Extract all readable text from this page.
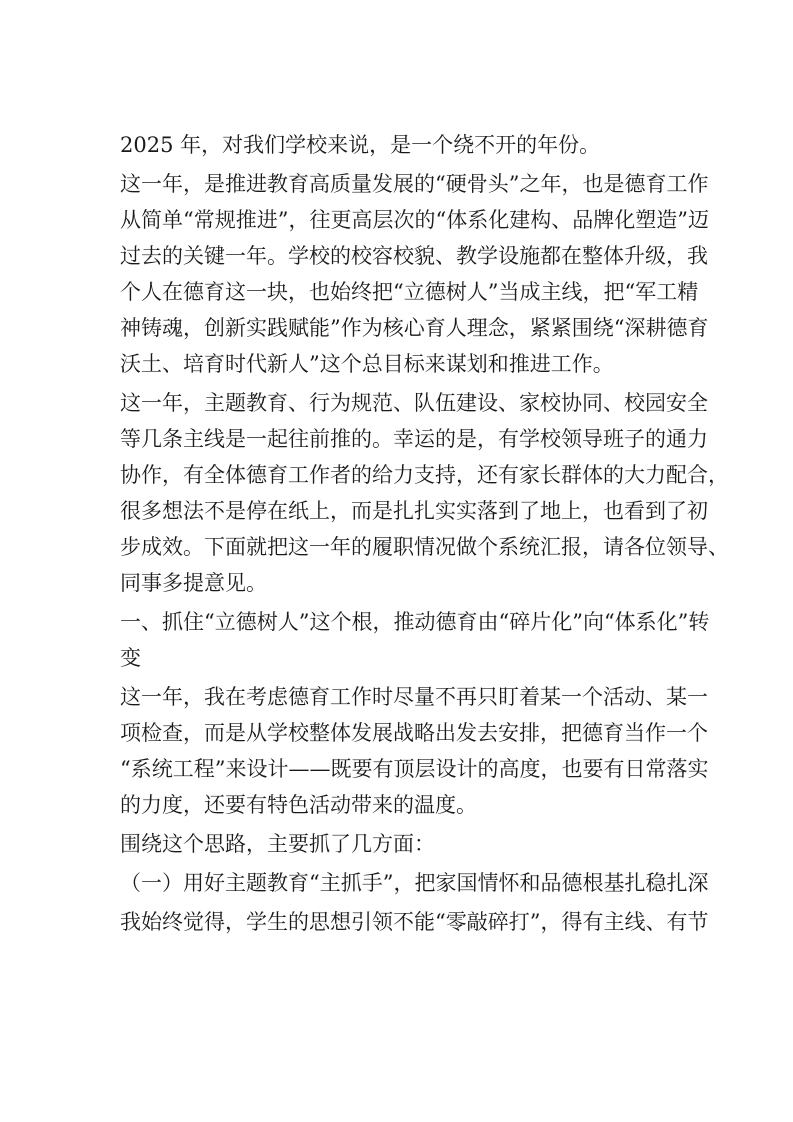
2025 年，对我们学校来说，是一个绕不开的年份。
这一年，是推进教育高质量发展的“硬骨头”之年，也是德育工作
从简单“常规推进”，往更高层次的“体系化建构、品牌化塑造”迈
过去的关键一年。学校的校容校貌、教学设施都在整体升级，我
个人在德育这一块，也始终把“立德树人”当成主线，把“军工精
神铸魂，创新实践赋能”作为核心育人理念，紧紧围绕“深耕德育
沃土、培育时代新人”这个总目标来谋划和推进工作。
这一年，主题教育、行为规范、队伍建设、家校协同、校园安全
等几条主线是一起往前推的。幸运的是，有学校领导班子的通力
协作，有全体德育工作者的给力支持，还有家长群体的大力配合，
很多想法不是停在纸上，而是扎扎实实落到了地上，也看到了初
步成效。下面就把这一年的履职情况做个系统汇报，请各位领导、
同事多提意见。
一、抓住“立德树人”这个根，推动德育由“碎片化”向“体系化”转
变
这一年，我在考虑德育工作时尽量不再只盯着某一个活动、某一
项检查，而是从学校整体发展战略出发去安排，把德育当作一个
“系统工程”来设计——既要有顶层设计的高度，也要有日常落实
的力度，还要有特色活动带来的温度。
围绕这个思路，主要抓了几方面：
（一）用好主题教育“主抓手”，把家国情怀和品德根基扎稳扎深
我始终觉得，学生的思想引领不能“零敲碎打”，得有主线、有节
